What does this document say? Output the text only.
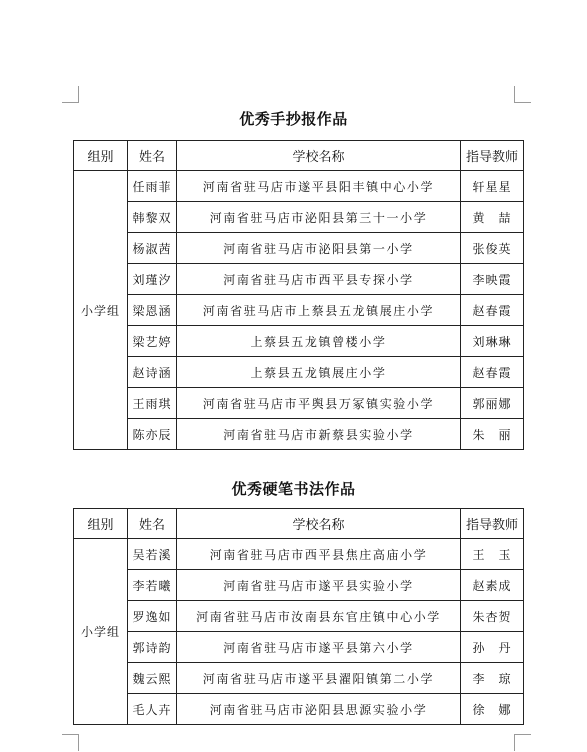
优秀手抄报作品
组别	姓名	学校名称	指导教师
小学组	任雨菲	河南省驻马店市遂平县阳丰镇中心小学	轩星星
	韩黎双	河南省驻马店市泌阳县第三十一小学	黄　喆
	杨淑茜	河南省驻马店市泌阳县第一小学	张俊英
	刘瑾汐	河南省驻马店市西平县专探小学	李映霞
	梁恩涵	河南省驻马店市上蔡县五龙镇展庄小学	赵春霞
	梁艺婷	上蔡县五龙镇曾楼小学	刘琳琳
	赵诗涵	上蔡县五龙镇展庄小学	赵春霞
	王雨琪	河南省驻马店市平舆县万冢镇实验小学	郭丽娜
	陈亦辰	河南省驻马店市新蔡县实验小学	朱　丽
优秀硬笔书法作品
组别	姓名	学校名称	指导教师
小学组	吴若溪	河南省驻马店市西平县焦庄高庙小学	王　玉
	李若曦	河南省驻马店市遂平县实验小学	赵素成
	罗逸如	河南省驻马店市汝南县东官庄镇中心小学	朱杏贺
	郭诗韵	河南省驻马店市遂平县第六小学	孙　丹
	魏云熙	河南省驻马店市遂平县濯阳镇第二小学	李　琼
	毛人卉	河南省驻马店市泌阳县思源实验小学	徐　娜
